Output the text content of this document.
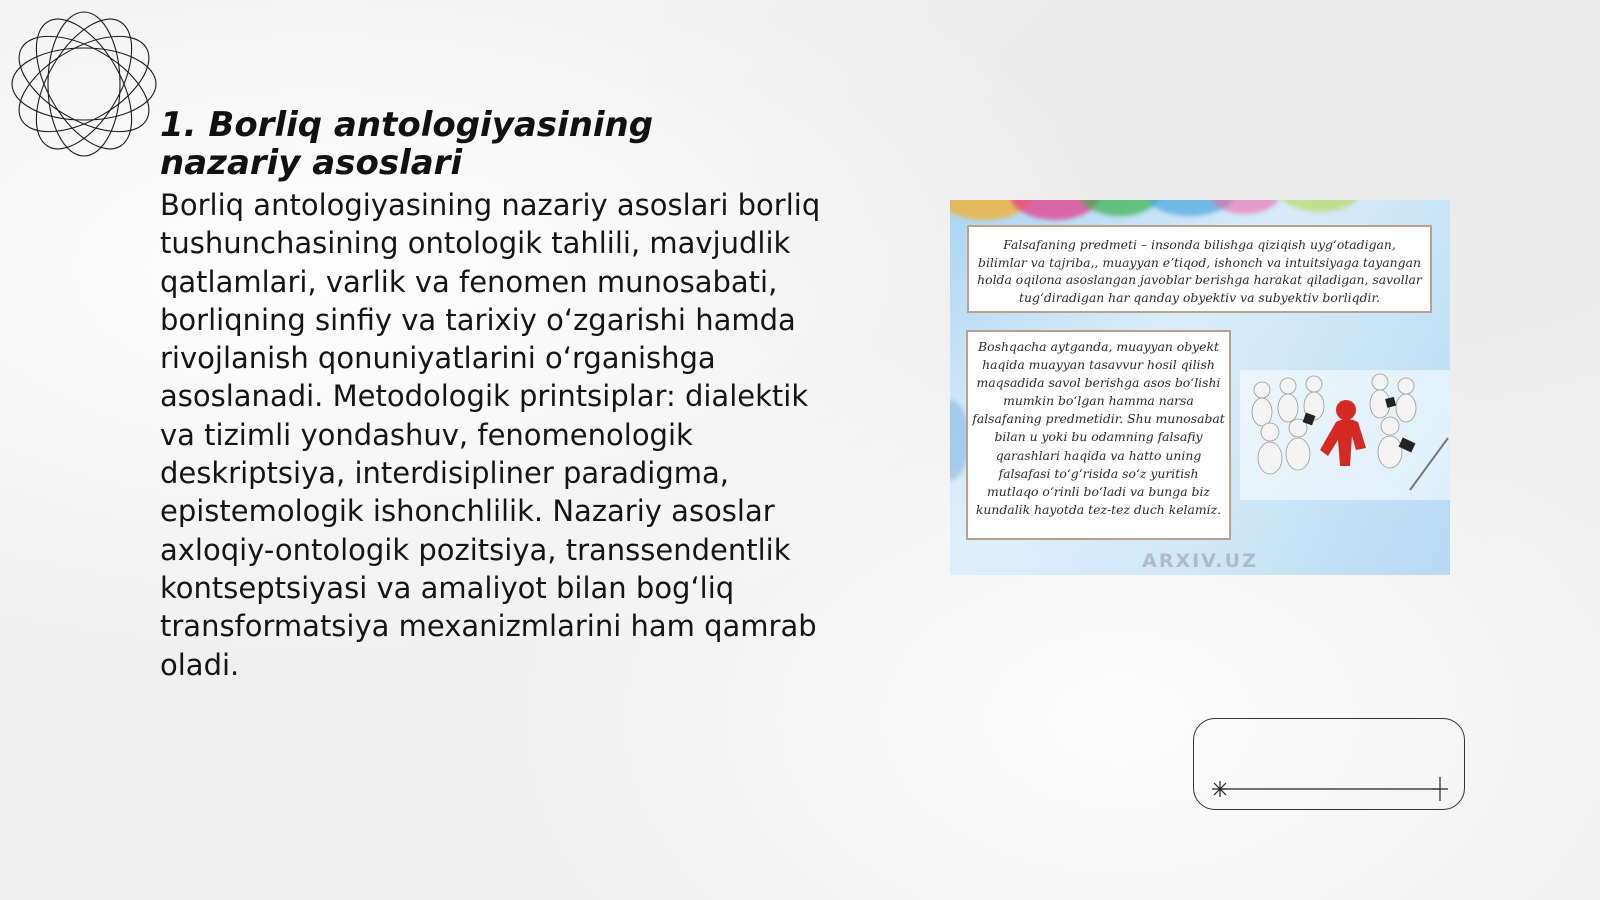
1. Borliq antologiyasining nazariy asoslari
Borliq antologiyasining nazariy asoslari borliq tushunchasining ontologik tahlili, mavjudlik qatlamlari, varlik va fenomen munosabati, borliqning sinfiy va tarixiy oʻzgarishi hamda rivojlanish qonuniyatlarini oʻrganishga asoslanadi. Metodologik printsiplar: dialektik va tizimli yondashuv, fenomenologik deskriptsiya, interdisipliner paradigma, epistemologik ishonchlilik. Nazariy asoslar axloqiy-ontologik pozitsiya, transsendentlik kontseptsiyasi va amaliyot bilan bogʻliq transformatsiya mexanizmlarini ham qamrab oladi.
Falsafaning predmeti – insonda bilishga qiziqish uygʻotadigan, bilimlar va tajriba,, muayyan eʼtiqod, ishonch va intuitsiyaga tayangan holda oqilona asoslangan javoblar berishga harakat qiladigan, savollar tugʻdiradigan har qanday obyektiv va subyektiv borliqdir.
Boshqacha aytganda, muayyan obyekt haqida muayyan tasavvur hosil qilish maqsadida savol berishga asos boʻlishi mumkin boʻlgan hamma narsa falsafaning predmetidir. Shu munosabat bilan u yoki bu odamning falsafiy qarashlari haqida va hatto uning falsafasi toʻgʻrisida soʻz yuritish mutlaqo oʻrinli boʻladi va bunga biz kundalik hayotda tez-tez duch kelamiz.
ARXIV.UZ
